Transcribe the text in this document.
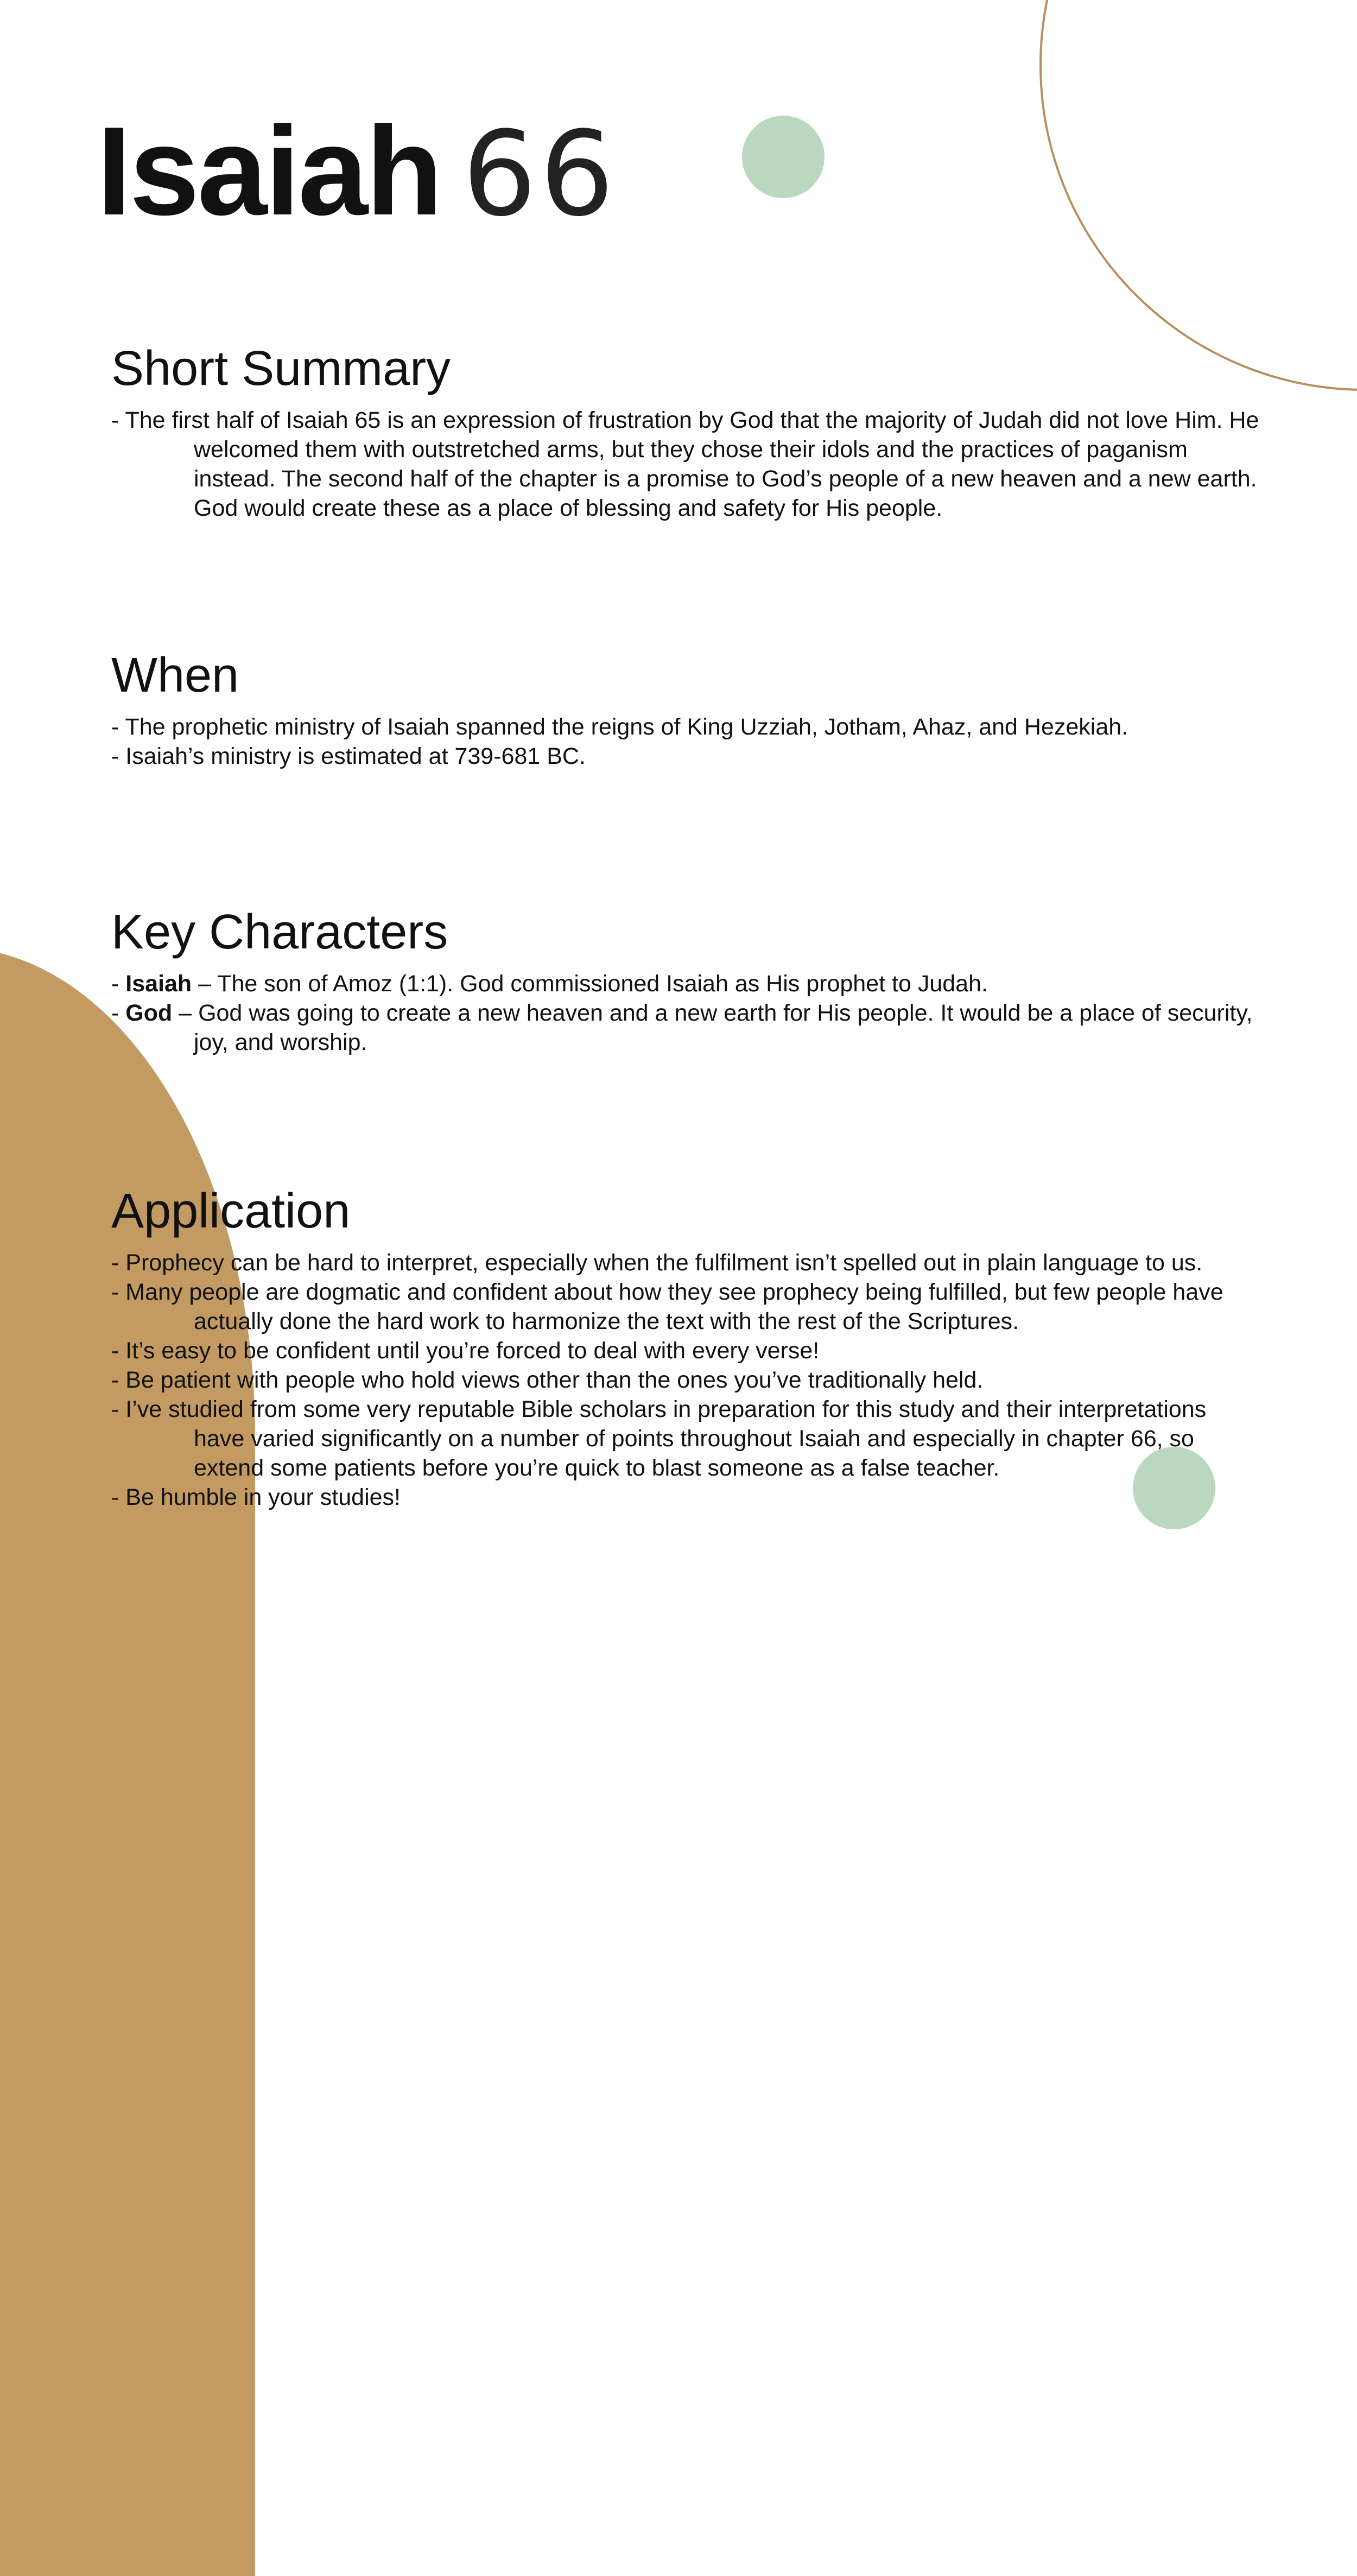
Isaiah 66
Short Summary
- The first half of Isaiah 65 is an expression of frustration by God that the majority of Judah did not love Him. He welcomed them with outstretched arms, but they chose their idols and the practices of paganism instead. The second half of the chapter is a promise to God’s people of a new heaven and a new earth. God would create these as a place of blessing and safety for His people.
When
- The prophetic ministry of Isaiah spanned the reigns of King Uzziah, Jotham, Ahaz, and Hezekiah.
- Isaiah’s ministry is estimated at 739-681 BC.
Key Characters
- Isaiah – The son of Amoz (1:1). God commissioned Isaiah as His prophet to Judah.
- God – God was going to create a new heaven and a new earth for His people. It would be a place of security, joy, and worship.
Application
- Prophecy can be hard to interpret, especially when the fulfilment isn’t spelled out in plain language to us.
- Many people are dogmatic and confident about how they see prophecy being fulfilled, but few people have actually done the hard work to harmonize the text with the rest of the Scriptures.
- It’s easy to be confident until you’re forced to deal with every verse!
- Be patient with people who hold views other than the ones you’ve traditionally held.
- I’ve studied from some very reputable Bible scholars in preparation for this study and their interpretations have varied significantly on a number of points throughout Isaiah and especially in chapter 66, so extend some patients before you’re quick to blast someone as a false teacher.
- Be humble in your studies!
